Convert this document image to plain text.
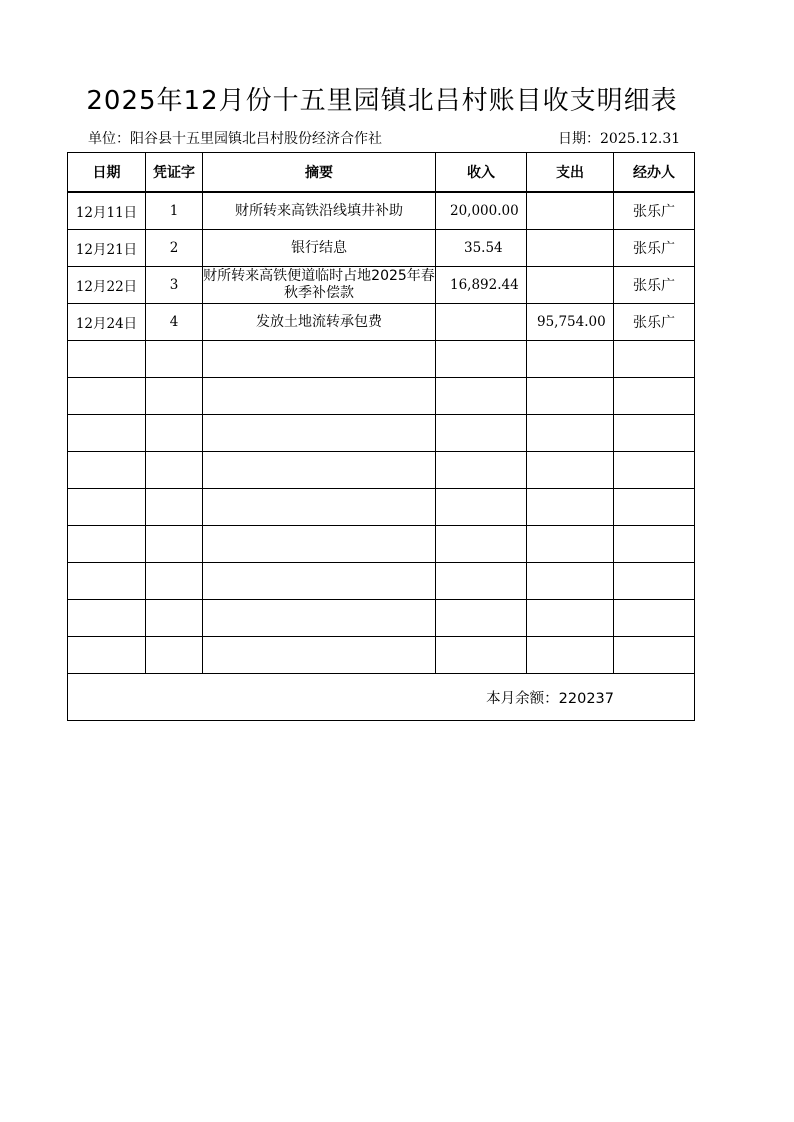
2025年12月份十五里园镇北吕村账目收支明细表
单位：阳谷县十五里园镇北吕村股份经济合作社	日期：2025.12.31
日期	凭证字	摘要	收入	支出	经办人
12月11日	1	财所转来高铁沿线填井补助	20,000.00		张乐广
12月21日	2	银行结息	35.54		张乐广
12月22日	3	财所转来高铁便道临时占地2025年春秋季补偿款	16,892.44		张乐广
12月24日	4	发放土地流转承包费		95,754.00	张乐广

本月余额：220237					
